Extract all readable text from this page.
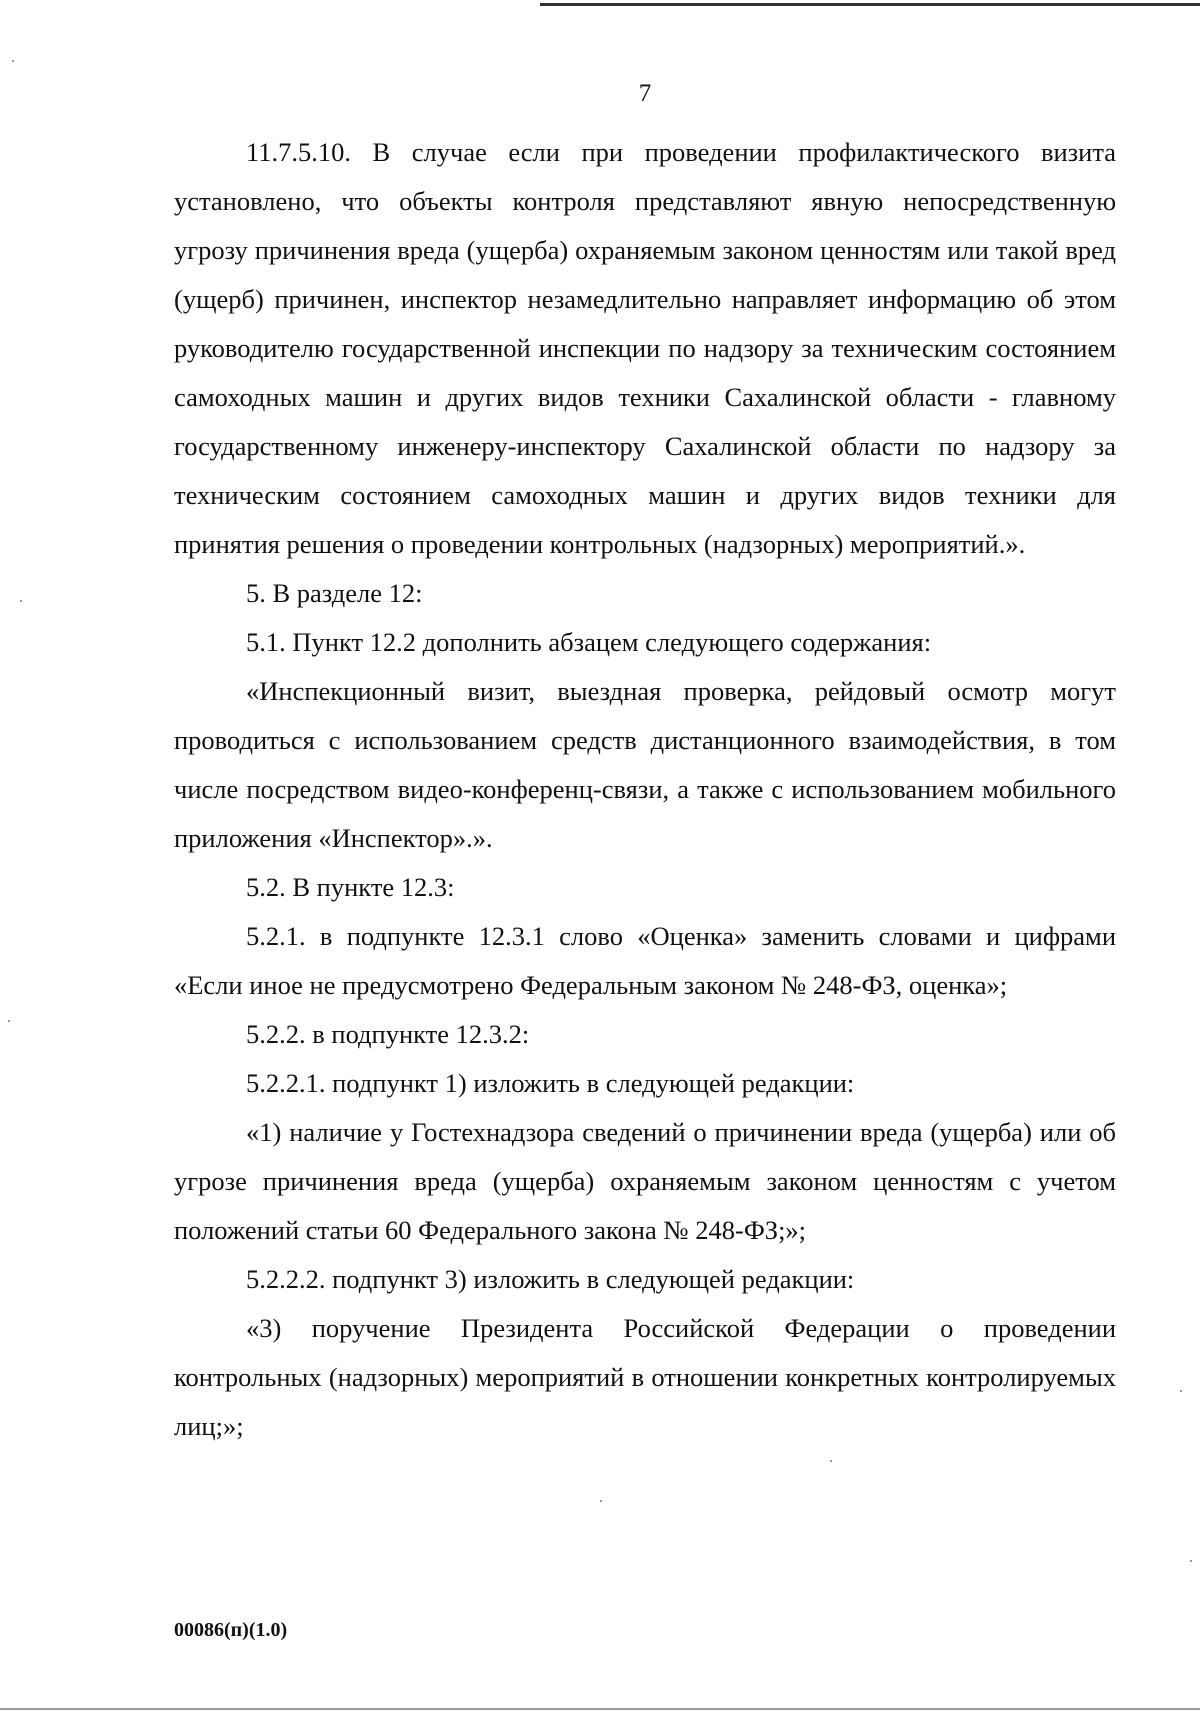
7

11.7.5.10. В случае если при проведении профилактического визита установлено, что объекты контроля представляют явную непосредственную угрозу причинения вреда (ущерба) охраняемым законом ценностям или такой вред (ущерб) причинен, инспектор незамедлительно направляет информацию об этом руководителю государственной инспекции по надзору за техническим состоянием самоходных машин и других видов техники Сахалинской области - главному государственному инженеру-инспектору Сахалинской области по надзору за техническим состоянием самоходных машин и других видов техники для принятия решения о проведении контрольных (надзорных) мероприятий.».

5. В разделе 12:

5.1. Пункт 12.2 дополнить абзацем следующего содержания:

«Инспекционный визит, выездная проверка, рейдовый осмотр могут проводиться с использованием средств дистанционного взаимодействия, в том числе посредством видео-конференц-связи, а также с использованием мобильного приложения «Инспектор».».

5.2. В пункте 12.3:

5.2.1. в подпункте 12.3.1 слово «Оценка» заменить словами и цифрами «Если иное не предусмотрено Федеральным законом № 248-ФЗ, оценка»;

5.2.2. в подпункте 12.3.2:

5.2.2.1. подпункт 1) изложить в следующей редакции:

«1) наличие у Гостехнадзора сведений о причинении вреда (ущерба) или об угрозе причинения вреда (ущерба) охраняемым законом ценностям с учетом положений статьи 60 Федерального закона № 248-ФЗ;»;

5.2.2.2. подпункт 3) изложить в следующей редакции:

«3) поручение Президента Российской Федерации о проведении контрольных (надзорных) мероприятий в отношении конкретных контролируемых лиц;»;

00086(п)(1.0)
